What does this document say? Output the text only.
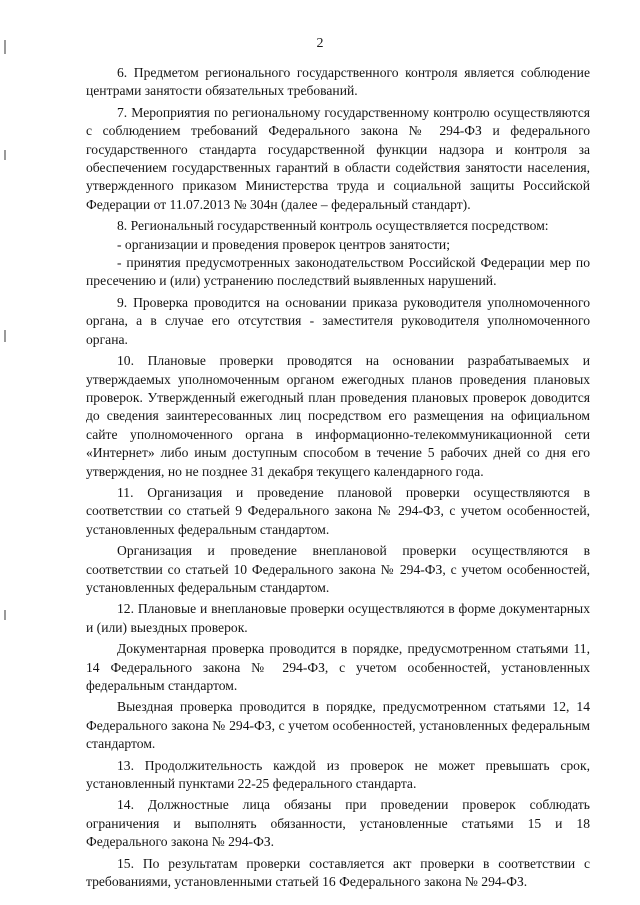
2

6. Предметом регионального государственного контроля является соблюдение центрами занятости обязательных требований.

7. Мероприятия по региональному государственному контролю осуществляются с соблюдением требований Федерального закона № 294-ФЗ и федерального государственного стандарта государственной функции надзора и контроля за обеспечением государственных гарантий в области содействия занятости населения, утвержденного приказом Министерства труда и социальной защиты Российской Федерации от 11.07.2013 № 304н (далее – федеральный стандарт).

8. Региональный государственный контроль осуществляется посредством:

- организации и проведения проверок центров занятости;

- принятия предусмотренных законодательством Российской Федерации мер по пресечению и (или) устранению последствий выявленных нарушений.

9. Проверка проводится на основании приказа руководителя уполномоченного органа, а в случае его отсутствия - заместителя руководителя уполномоченного органа.

10. Плановые проверки проводятся на основании разрабатываемых и утверждаемых уполномоченным органом ежегодных планов проведения плановых проверок. Утвержденный ежегодный план проведения плановых проверок доводится до сведения заинтересованных лиц посредством его размещения на официальном сайте уполномоченного органа в информационно-телекоммуникационной сети «Интернет» либо иным доступным способом в течение 5 рабочих дней со дня его утверждения, но не позднее 31 декабря текущего календарного года.

11. Организация и проведение плановой проверки осуществляются в соответствии со статьей 9 Федерального закона № 294-ФЗ, с учетом особенностей, установленных федеральным стандартом.

Организация и проведение внеплановой проверки осуществляются в соответствии со статьей 10 Федерального закона № 294-ФЗ, с учетом особенностей, установленных федеральным стандартом.

12. Плановые и внеплановые проверки осуществляются в форме документарных и (или) выездных проверок.

Документарная проверка проводится в порядке, предусмотренном статьями 11, 14 Федерального закона № 294-ФЗ, с учетом особенностей, установленных федеральным стандартом.

Выездная проверка проводится в порядке, предусмотренном статьями 12, 14 Федерального закона № 294-ФЗ, с учетом особенностей, установленных федеральным стандартом.

13. Продолжительность каждой из проверок не может превышать срок, установленный пунктами 22-25 федерального стандарта.

14. Должностные лица обязаны при проведении проверок соблюдать ограничения и выполнять обязанности, установленные статьями 15 и 18 Федерального закона № 294-ФЗ.

15. По результатам проверки составляется акт проверки в соответствии с требованиями, установленными статьей 16 Федерального закона № 294-ФЗ.
